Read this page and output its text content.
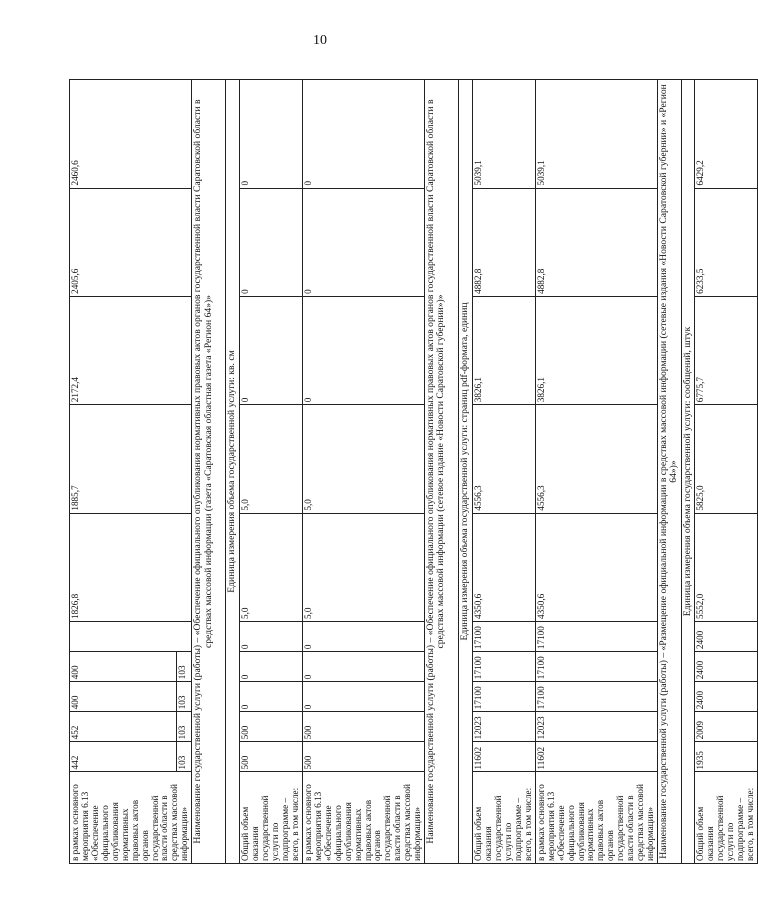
10
в рамках основного мероприятия 6.13 «Обеспечение официального опубликования нормативных правовых актов органов государственной власти области в средствах массовой информации»	442	452	400	400		1826,8	1885,7	2172,4	2405,6	2460,6
	103	103	103	103						
Наименование государственной услуги (работы) – «Обеспечение официального опубликования нормативных правовых актов органов государственной власти Саратовской области в средствах массовой информации (газета «Саратовская областная газета «Регион 64»)»										
Единица измерения объема государственной услуги: кв. см										
Общий объем оказания государственной услуги по подпрограмме – всего, в том числе:	500	500	0	0	0	5,0	5,0	0	0	0
в рамках основного мероприятия 6.13 «Обеспечение официального опубликования нормативных правовых актов органов государственной власти области в средствах массовой информации»	500	500	0	0	0	5,0	5,0	0	0	0
Наименование государственной услуги (работы) – «Обеспечение официального опубликования нормативных правовых актов органов государственной власти Саратовской области в средствах массовой информации (сетевое издание «Новости Саратовской губернии»)»										
Единица измерения объема государственной услуги: страниц pdf-формата, единиц										
Общий объем оказания государственной услуги по подпрограмме – всего, в том числе:	11602	12023	17100	17100	17100	4350,6	4556,3	3826,1	4882,8	5039,1
в рамках основного мероприятия 6.13 «Обеспечение официального опубликования нормативных правовых актов органов государственной власти области в средствах массовой информации»	11602	12023	17100	17100	17100	4350,6	4556,3	3826,1	4882,8	5039,1
Наименование государственной услуги (работы) – «Размещение официальной информации в средствах массовой информации (сетевые издания «Новости Саратовской губернии» и «Регион 64»)»										
Единица измерения объема государственной услуги: сообщений, штук										
Общий объем оказания государственной услуги по подпрограмме – всего, в том числе:	1935	2009	2400	2400	2400	5552,0	5825,0	6775,7	6233,5	6429,2
